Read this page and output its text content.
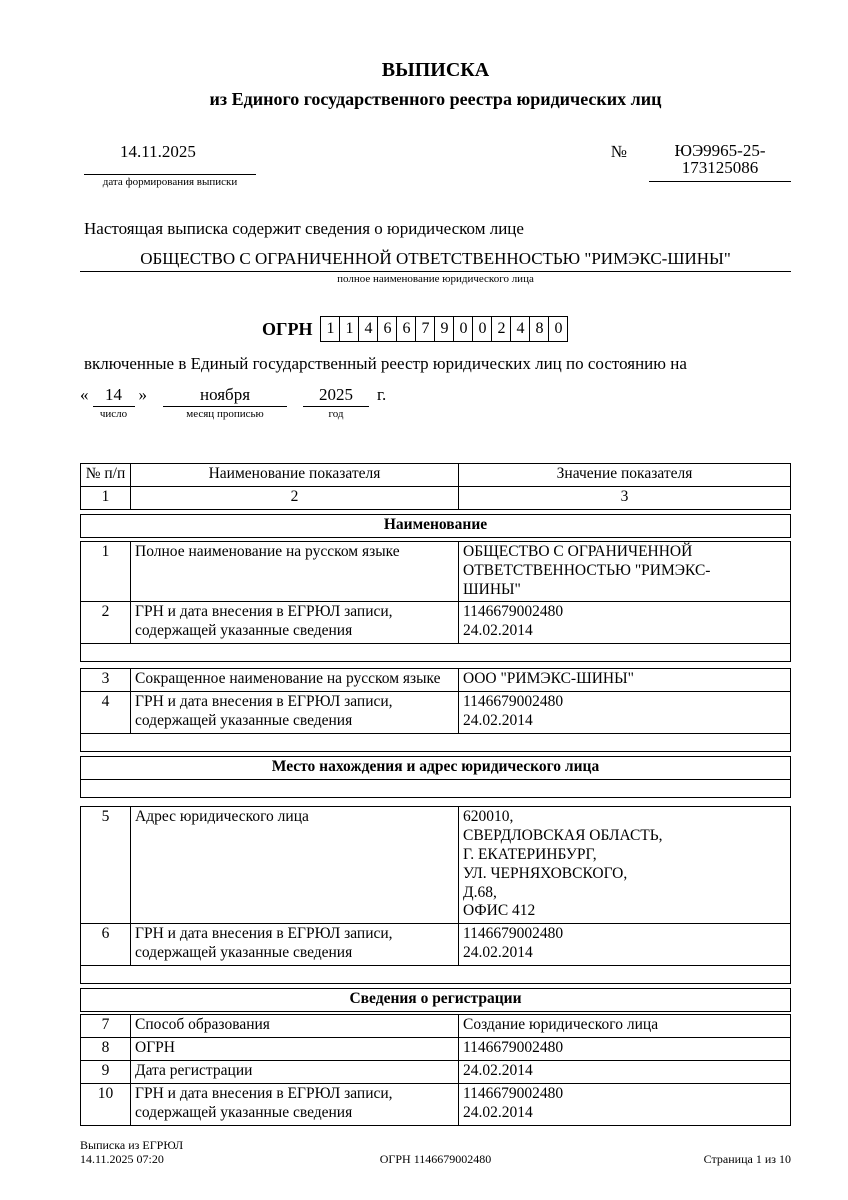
ВЫПИСКА
из Единого государственного реестра юридических лиц
14.11.2025
дата формирования выписки
№	ЮЭ9965-25-
173125086
Настоящая выписка содержит сведения о юридическом лице
ОБЩЕСТВО С ОГРАНИЧЕННОЙ ОТВЕТСТВЕННОСТЬЮ "РИМЭКС-ШИНЫ"
полное наименование юридического лица
ОГРН 1 1 4 6 6 7 9 0 0 2 4 8 0
включенные в Единый государственный реестр юридических лиц по состоянию на
« 14
число
»	ноября
месяц прописью
2025
год
г.
№ п/п	Наименование показателя	Значение показателя
1	2	3
Наименование
1	Полное наименование на русском языке	ОБЩЕСТВО С ОГРАНИЧЕННОЙ
ОТВЕТСТВЕННОСТЬЮ "РИМЭКС-
ШИНЫ"

2	ГРН и дата внесения в ЕГРЮЛ записи, содержащей указанные сведения	1146679002480
24.02.2014

3	Сокращенное наименование на русском языке	ООО "РИМЭКС-ШИНЫ"

4	ГРН и дата внесения в ЕГРЮЛ записи, содержащей указанные сведения	1146679002480
24.02.2014

Место нахождения и адрес юридического лица

5	Адрес юридического лица	620010,
СВЕРДЛОВСКАЯ ОБЛАСТЬ,
Г. ЕКАТЕРИНБУРГ,
УЛ. ЧЕРНЯХОВСКОГО,
Д.68,
ОФИС 412

6	ГРН и дата внесения в ЕГРЮЛ записи, содержащей указанные сведения	1146679002480
24.02.2014

Сведения о регистрации
7	Способ образования	Создание юридического лица

8	ОГРН	1146679002480

9	Дата регистрации	24.02.2014

10	ГРН и дата внесения в ЕГРЮЛ записи, содержащей указанные сведения	1146679002480
24.02.2014
Выписка из ЕГРЮЛ
14.11.2025 07:20	ОГРН 1146679002480	Страница 1 из 10
